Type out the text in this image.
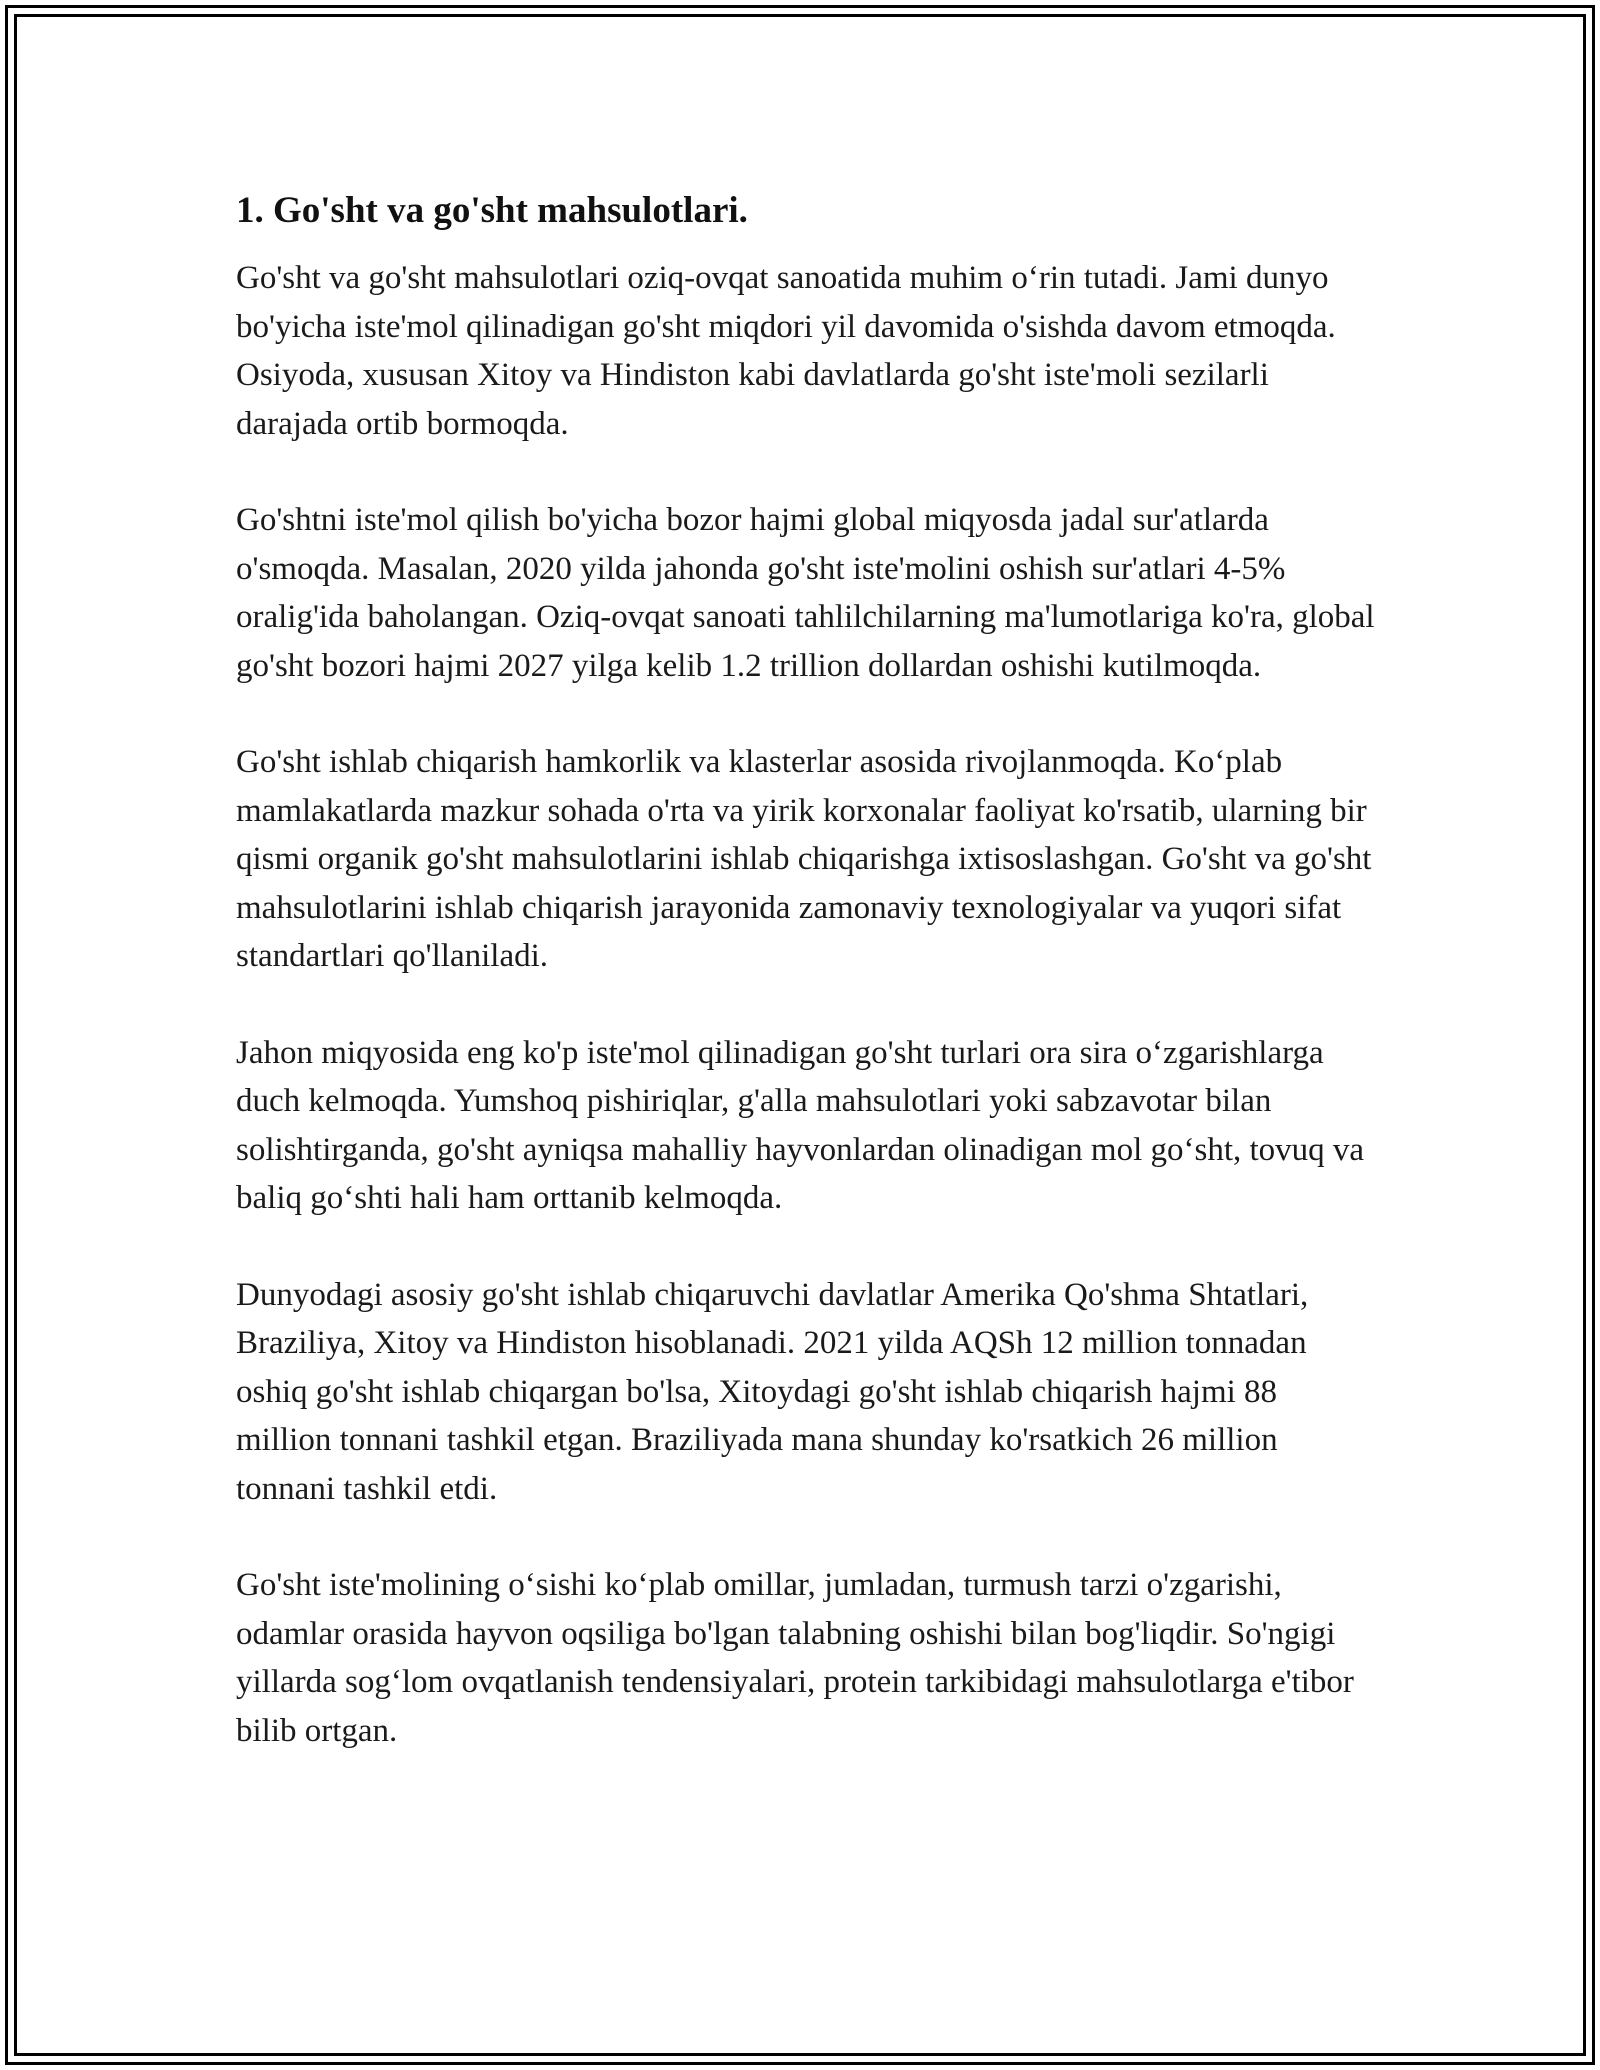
1. Go'sht va go'sht mahsulotlari.

Go'sht va go'sht mahsulotlari oziq-ovqat sanoatida muhim o‘rin tutadi. Jami dunyo bo'yicha iste'mol qilinadigan go'sht miqdori yil davomida o'sishda davom etmoqda. Osiyoda, xususan Xitoy va Hindiston kabi davlatlarda go'sht iste'moli sezilarli darajada ortib bormoqda.

Go'shtni iste'mol qilish bo'yicha bozor hajmi global miqyosda jadal sur'atlarda o'smoqda. Masalan, 2020 yilda jahonda go'sht iste'molini oshish sur'atlari 4-5% oralig'ida baholangan. Oziq-ovqat sanoati tahlilchilarning ma'lumotlariga ko'ra, global go'sht bozori hajmi 2027 yilga kelib 1.2 trillion dollardan oshishi kutilmoqda.

Go'sht ishlab chiqarish hamkorlik va klasterlar asosida rivojlanmoqda. Ko‘plab mamlakatlarda mazkur sohada o'rta va yirik korxonalar faoliyat ko'rsatib, ularning bir qismi organik go'sht mahsulotlarini ishlab chiqarishga ixtisoslashgan. Go'sht va go'sht mahsulotlarini ishlab chiqarish jarayonida zamonaviy texnologiyalar va yuqori sifat standartlari qo'llaniladi.

Jahon miqyosida eng ko'p iste'mol qilinadigan go'sht turlari ora sira o‘zgarishlarga duch kelmoqda. Yumshoq pishiriqlar, g'alla mahsulotlari yoki sabzavotar bilan solishtirganda, go'sht ayniqsa mahalliy hayvonlardan olinadigan mol go‘sht, tovuq va baliq go‘shti hali ham orttanib kelmoqda.

Dunyodagi asosiy go'sht ishlab chiqaruvchi davlatlar Amerika Qo'shma Shtatlari, Braziliya, Xitoy va Hindiston hisoblanadi. 2021 yilda AQSh 12 million tonnadan oshiq go'sht ishlab chiqargan bo'lsa, Xitoydagi go'sht ishlab chiqarish hajmi 88 million tonnani tashkil etgan. Braziliyada mana shunday ko'rsatkich 26 million tonnani tashkil etdi.

Go'sht iste'molining o‘sishi ko‘plab omillar, jumladan, turmush tarzi o'zgarishi, odamlar orasida hayvon oqsiliga bo'lgan talabning oshishi bilan bog'liqdir. So'ngigi yillarda sog‘lom ovqatlanish tendensiyalari, protein tarkibidagi mahsulotlarga e'tibor bilib ortgan.
